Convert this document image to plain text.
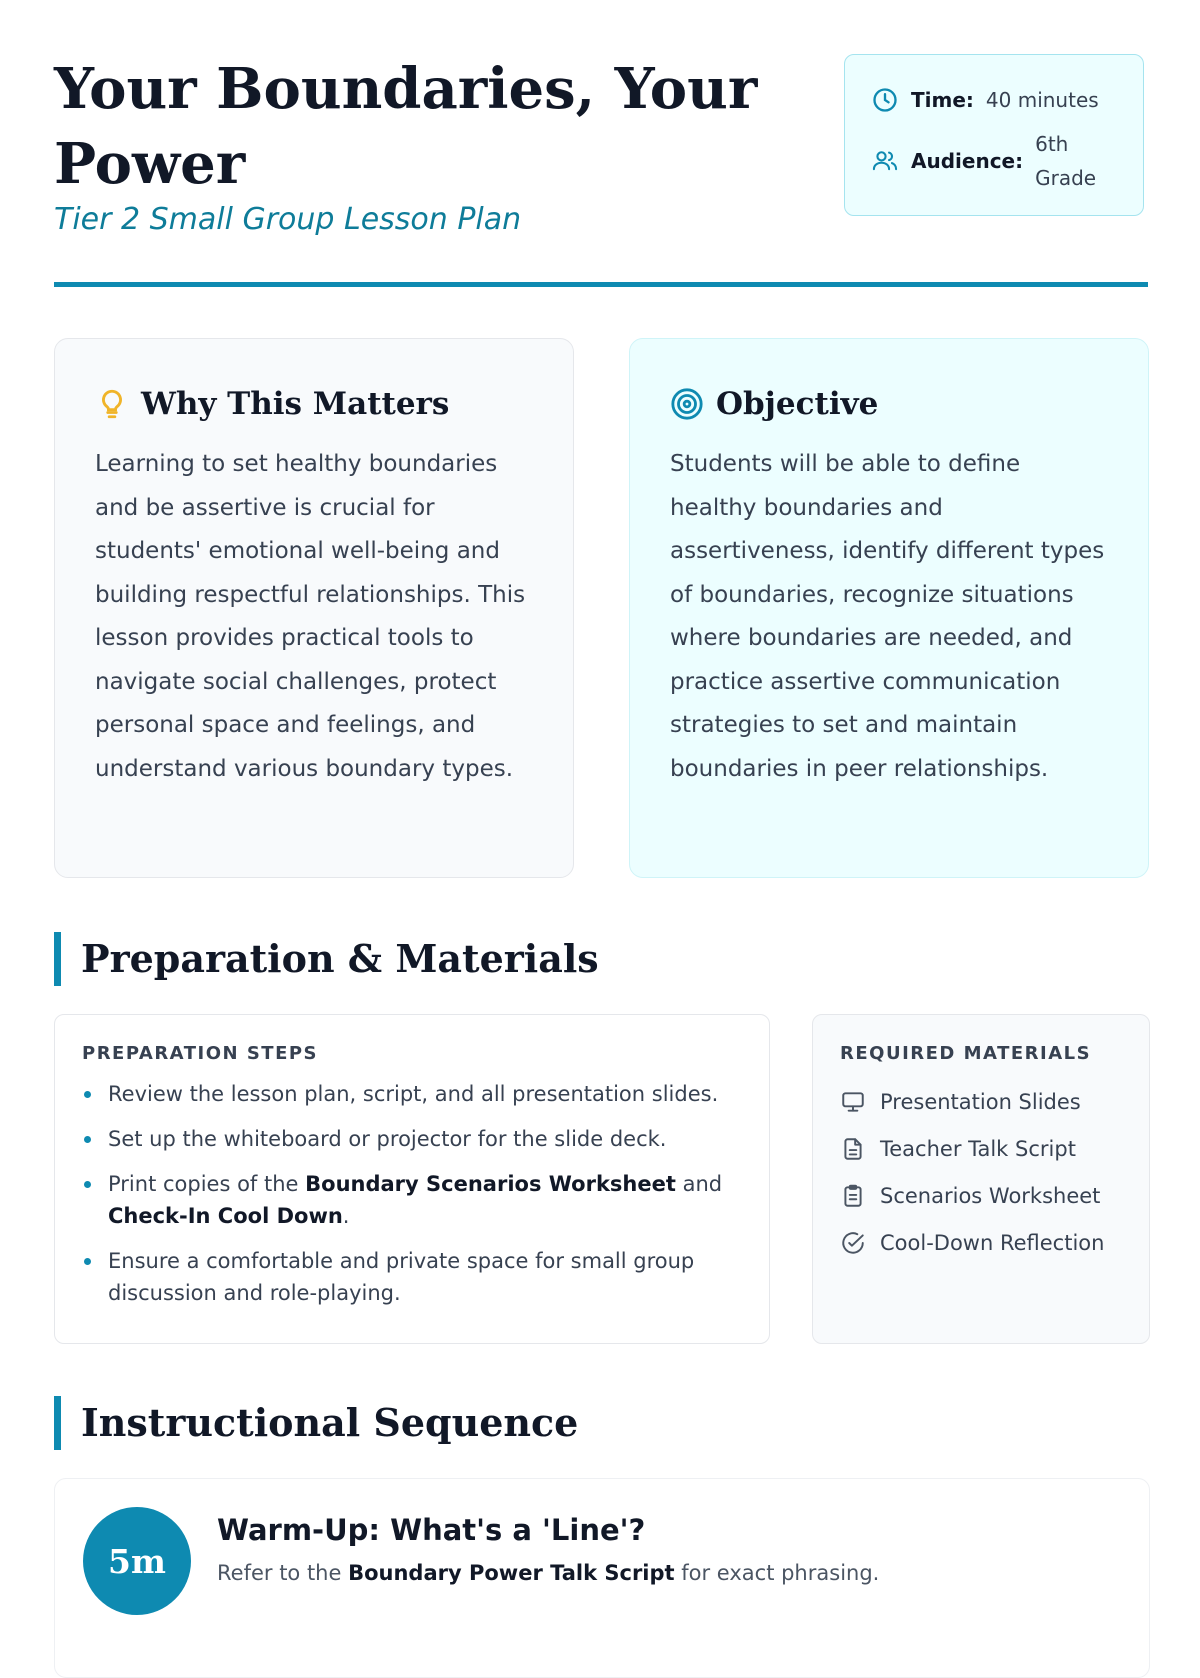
Your Boundaries, Your Power

Tier 2 Small Group Lesson Plan

Time: 40 minutes
Audience:
6th Grade
Why This Matters

Learning to set healthy boundaries and be assertive is crucial for students' emotional well-being and building respectful relationships. This lesson provides practical tools to navigate social challenges, protect personal space and feelings, and understand various boundary types.

Objective

Students will be able to define healthy boundaries and assertiveness, identify different types of boundaries, recognize situations where boundaries are needed, and practice assertive communication strategies to set and maintain boundaries in peer relationships.

Preparation & Materials
PREPARATION STEPS
Review the lesson plan, script, and all presentation slides.
Set up the whiteboard or projector for the slide deck.
Print copies of the Boundary Scenarios Worksheet and Check-In Cool Down.
Ensure a comfortable and private space for small group discussion and role-playing.
REQUIRED MATERIALS
Presentation Slides
Teacher Talk Script
Scenarios Worksheet
Cool-Down Reflection
Instructional Sequence
5m
Warm-Up: What's a 'Line'?

Refer to the Boundary Power Talk Script for exact phrasing.
